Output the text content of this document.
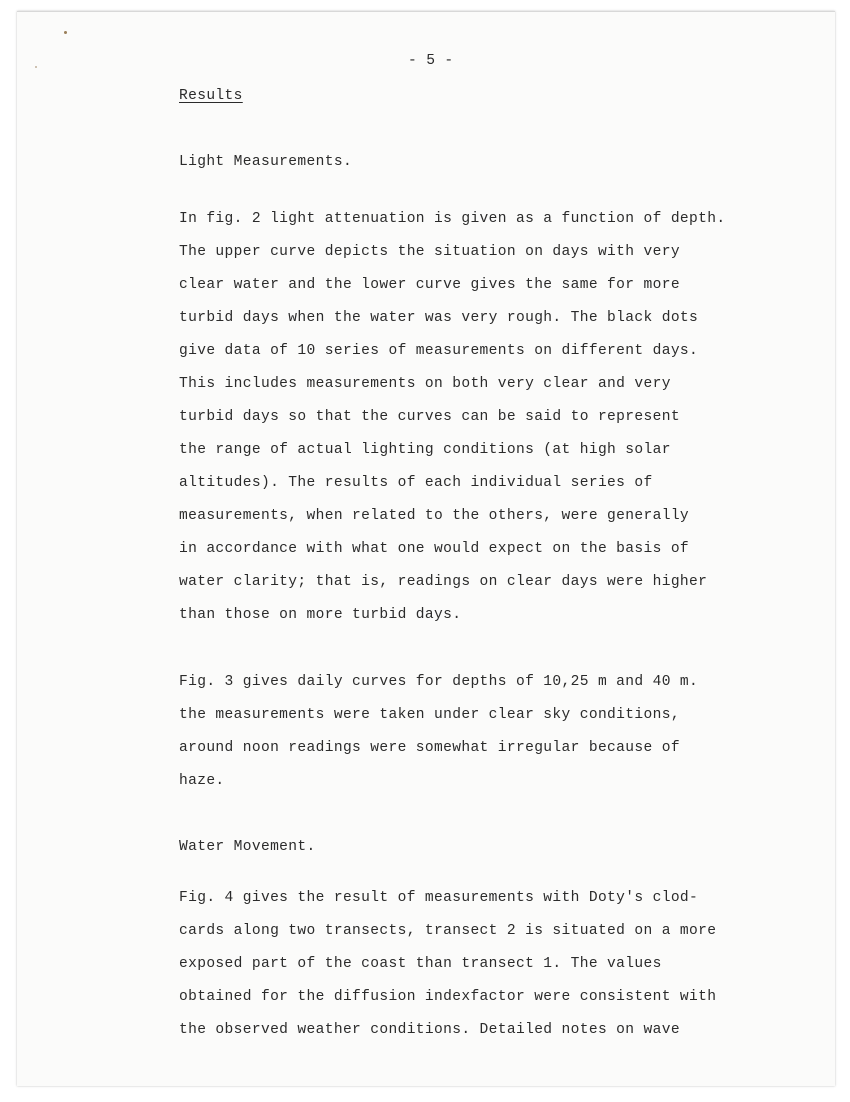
- 5 -
Results
Light Measurements.
In fig. 2 light attenuation is given as a function of depth.
The upper curve depicts the situation on days with very
clear water and the lower curve gives the same for more
turbid days when the water was very rough. The black dots
give data of 10 series of measurements on different days.
This includes measurements on both very clear and very
turbid days so that the curves can be said to represent
the range of actual lighting conditions (at high solar
altitudes). The results of each individual series of
measurements, when related to the others, were generally
in accordance with what one would expect on the basis of
water clarity; that is, readings on clear days were higher
than those on more turbid days.
Fig. 3 gives daily curves for depths of 10,25 m and 40 m.
the measurements were taken under clear sky conditions,
around noon readings were somewhat irregular because of
haze.
Water Movement.
Fig. 4 gives the result of measurements with Doty's clod-
cards along two transects, transect 2 is situated on a more
exposed part of the coast than transect 1. The values
obtained for the diffusion indexfactor were consistent with
the observed weather conditions. Detailed notes on wave
